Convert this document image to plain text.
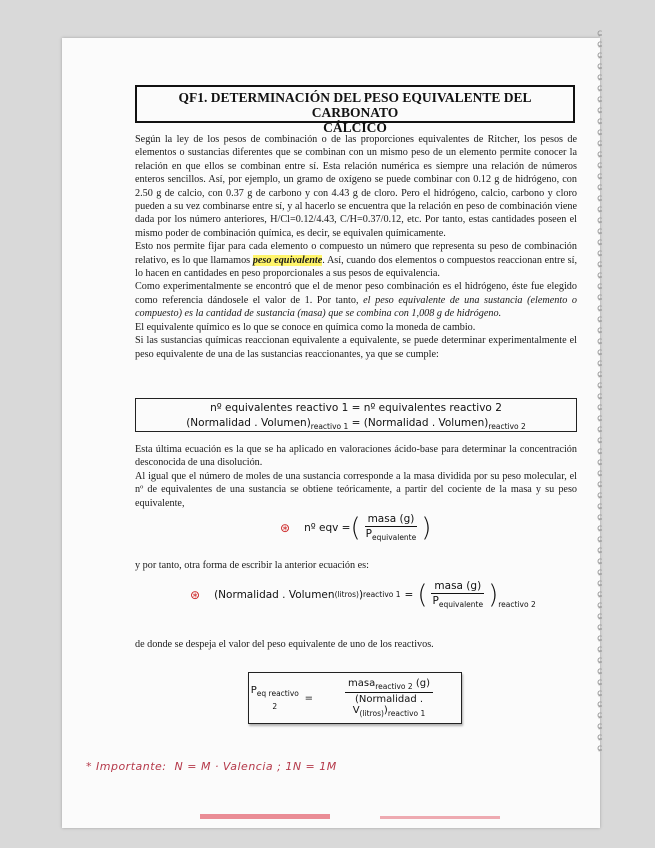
ɕ
ɕ
ɕ
ɕ
ɕ
ɕ
ɕ
ɕ
ɕ
ɕ
ɕ
ɕ
ɕ
ɕ
ɕ
ɕ
ɕ
ɕ
ɕ
ɕ
ɕ
ɕ
ɕ
ɕ
ɕ
ɕ
ɕ
ɕ
ɕ
ɕ
ɕ
ɕ
ɕ
ɕ
ɕ
ɕ
ɕ
ɕ
ɕ
ɕ
ɕ
ɕ
ɕ
ɕ
ɕ
ɕ
ɕ
ɕ
ɕ
ɕ
ɕ
ɕ
ɕ
ɕ
ɕ
ɕ
ɕ
ɕ
ɕ
ɕ
ɕ
ɕ
ɕ
ɕ
ɕ
ɕ
QF1. DETERMINACIÓN DEL PESO EQUIVALENTE DEL CARBONATO
CÁLCICO

Según la ley de los pesos de combinación o de las proporciones equivalentes de Ritcher, los pesos de elementos o sustancias diferentes que se combinan con un mismo peso de un elemento permite conocer la relación en que ellos se combinan entre sí. Esta relación numérica es siempre una relación de números enteros sencillos. Así, por ejemplo, un gramo de oxígeno se puede combinar con 0.12 g de hidrógeno, con 2.50 g de calcio, con 0.37 g de carbono y con 4.43 g de cloro. Pero el hidrógeno, calcio, carbono y cloro pueden a su vez combinarse entre sí, y al hacerlo se encuentra que la relación en peso de combinación viene dada por los número anteriores, H/Cl=0.12/4.43, C/H=0.37/0.12, etc. Por tanto, estas cantidades poseen el mismo poder de combinación química, es decir, se equivalen químicamente.

Esto nos permite fijar para cada elemento o compuesto un número que representa su peso de combinación relativo, es lo que llamamos peso equivalente. Así, cuando dos elementos o compuestos reaccionan entre sí, lo hacen en cantidades en peso proporcionales a sus pesos de equivalencia.

Como experimentalmente se encontró que el de menor peso combinación es el hidrógeno, éste fue elegido como referencia dándosele el valor de 1. Por tanto, el peso equivalente de una sustancia (elemento o compuesto) es la cantidad de sustancia (masa) que se combina con 1,008 g de hidrógeno.

El equivalente químico es lo que se conoce en química como la moneda de cambio.

Si las sustancias químicas reaccionan equivalente a equivalente, se puede determinar experimentalmente el peso equivalente de una de las sustancias reaccionantes, ya que se cumple:

nº equivalentes reactivo 1 = nº equivalentes reactivo 2
(Normalidad . $Volumen)_{reactivo 1}$ = (Normalidad . $Volumen)_{reactivo 2}$

Esta última ecuación es la que se ha aplicado en valoraciones ácido-base para determinar la concentración desconocida de una disolución.

Al igual que el número de moles de una sustancia corresponde a la masa dividida por su peso molecular, el nº de equivalentes de una sustancia se obtiene teóricamente, a partir del cociente de la masa y su peso equivalente,

⊛ nº eqv = ( $\frac{\text{masa (g)}}{P_{equivalente}}$ )

y por tanto, otra forma de escribir la anterior ecuación es:

⊛ (Normalidad . Volumen (litros) ) reactivo 1 = ( $\frac{\text{masa (g)}}{P_{equivalente}} )_{reactivo 2}$

de donde se despeja el valor del peso equivalente de uno de los reactivos.

$P_{eq reactivo 2}$
= $\frac{masa_{reactivo 2} (g)}{(Normalidad . V_{(litros)})_{reactivo 1}}$
* Importante: N = M · Valencia ; 1N = 1M
